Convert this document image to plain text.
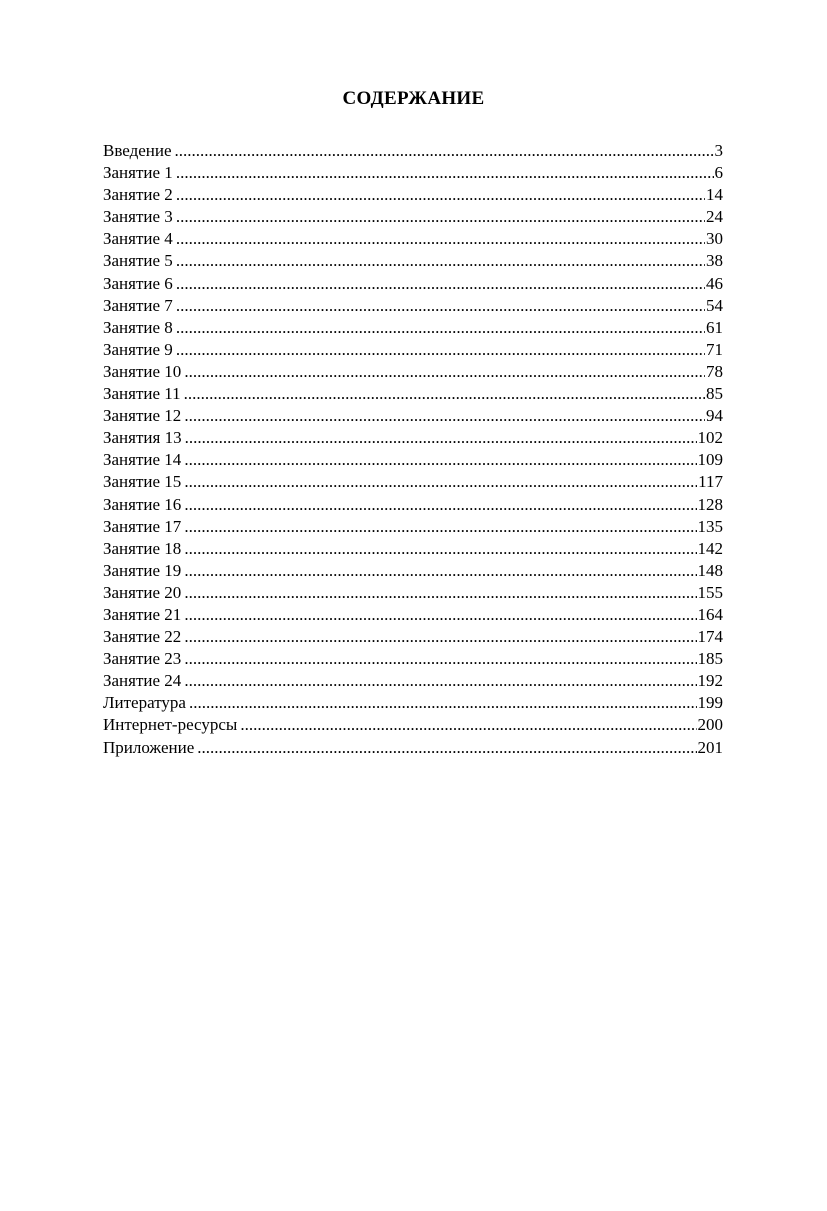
СОДЕРЖАНИЕ
Введение .....	3
Занятие 1 .....	6
Занятие 2 .....	14
Занятие 3 .....	24
Занятие 4 .....	30
Занятие 5 .....	38
Занятие 6 .....	46
Занятие 7 .....	54
Занятие 8 .....	61
Занятие 9 .....	71
Занятие 10 .....	78
Занятие 11 .....	85
Занятие 12 .....	94
Занятия 13 .....	102
Занятие 14 .....	109
Занятие 15 .....	117
Занятие 16 .....	128
Занятие 17 .....	135
Занятие 18 .....	142
Занятие 19 .....	148
Занятие 20 .....	155
Занятие 21 .....	164
Занятие 22 .....	174
Занятие 23 .....	185
Занятие 24 .....	192
Литература .....	199
Интернет-ресурсы .....	200
Приложение .....	201
